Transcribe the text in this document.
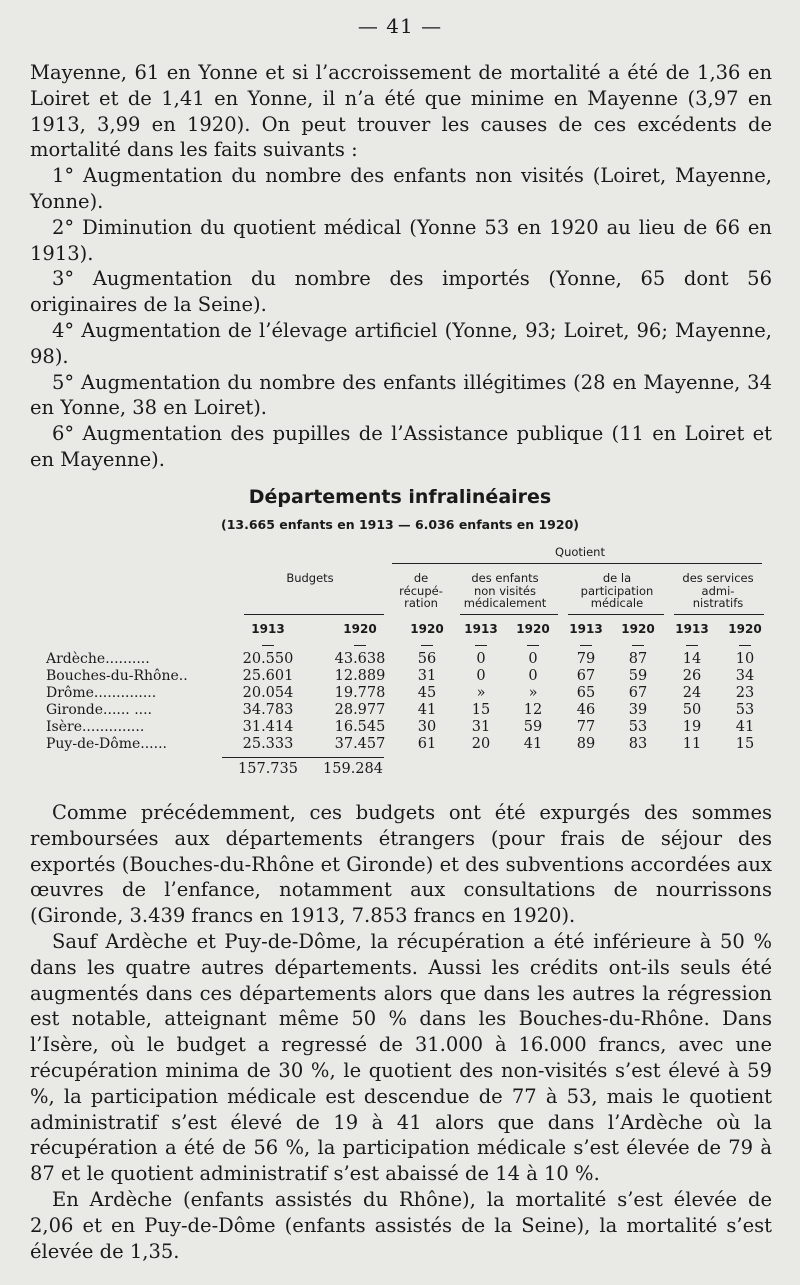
— 41 —

Mayenne, 61 en Yonne et si l’accroissement de mortalité a été de 1,36 en Loiret et de 1,41 en Yonne, il n’a été que minime en Mayenne (3,97 en 1913, 3,99 en 1920). On peut trouver les causes de ces excédents de mortalité dans les faits suivants :

1° Augmentation du nombre des enfants non visités (Loiret, Mayenne, Yonne).

2° Diminution du quotient médical (Yonne 53 en 1920 au lieu de 66 en 1913).

3° Augmentation du nombre des importés (Yonne, 65 dont 56 originaires de la Seine).

4° Augmentation de l’élevage artificiel (Yonne, 93; Loiret, 96; Mayenne, 98).

5° Augmentation du nombre des enfants illégitimes (28 en Mayenne, 34 en Yonne, 38 en Loiret).

6° Augmentation des pupilles de l’Assistance publique (11 en Loiret et en Mayenne).

Départements infralinéaires
(13.665 enfants en 1913 — 6.036 enfants en 1920)
Quotient
Budgets	de
récupé-
ration
des enfants
non visités
médicalement
de la
participation
médicale
des services
admi-
nistratifs
1913	1920	1920	1913	1920	1913	1920	1913	1920
Ardèche..........	20.550	43.638	56	0	0	79	87	14	10
Bouches-du-Rhône..	25.601	12.889	31	0	0	67	59	26	34
Drôme..............	20.054	19.778	45	»	»	65	67	24	23
Gironde...... ....	34.783	28.977	41	15	12	46	39	50	53
Isère..............	31.414	16.545	30	31	59	77	53	19	41
Puy-de-Dôme......	25.333	37.457	61	20	41	89	83	11	15
157.735	159.284

Comme précédemment, ces budgets ont été expurgés des sommes remboursées aux départements étrangers (pour frais de séjour des exportés (Bouches-du-Rhône et Gironde) et des subventions accordées aux œuvres de l’enfance, notamment aux consultations de nourrissons (Gironde, 3.439 francs en 1913, 7.853 francs en 1920).

Sauf Ardèche et Puy-de-Dôme, la récupération a été inférieure à 50 % dans les quatre autres départements. Aussi les crédits ont-ils seuls été augmentés dans ces départements alors que dans les autres la régression est notable, atteignant même 50 % dans les Bouches-du-Rhône. Dans l’Isère, où le budget a regressé de 31.000 à 16.000 francs, avec une récupération minima de 30 %, le quotient des non-visités s’est élevé à 59 %, la participation médicale est descendue de 77 à 53, mais le quotient administratif s’est élevé de 19 à 41 alors que dans l’Ardèche où la récupération a été de 56 %, la participation médicale s’est élevée de 79 à 87 et le quotient administratif s’est abaissé de 14 à 10 %.

En Ardèche (enfants assistés du Rhône), la mortalité s’est élevée de 2,06 et en Puy-de-Dôme (enfants assistés de la Seine), la mortalité s’est élevée de 1,35.
